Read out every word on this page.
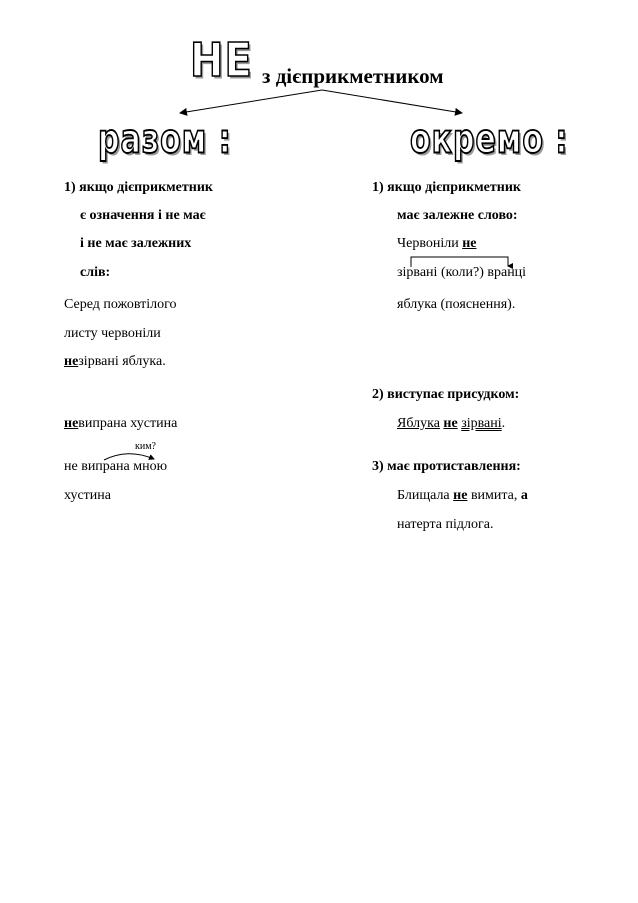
НЕ з дієприкметником
разом :	окремо :
1) якщо дієприкметник
є означення і не має
і не має залежних
слів:
Серед пожовтілого
листу червоніли
незірвані яблука.
невипрана хустина
ким?
не випрана мною
хустина
1) якщо дієприкметник
має залежне слово:
Червоніли не
зірвані (коли?) вранці
яблука (пояснення).
2) виступає присудком:
Яблука не зірвані.
3) має протиставлення:
Блищала не вимита, а
натерта підлога.
